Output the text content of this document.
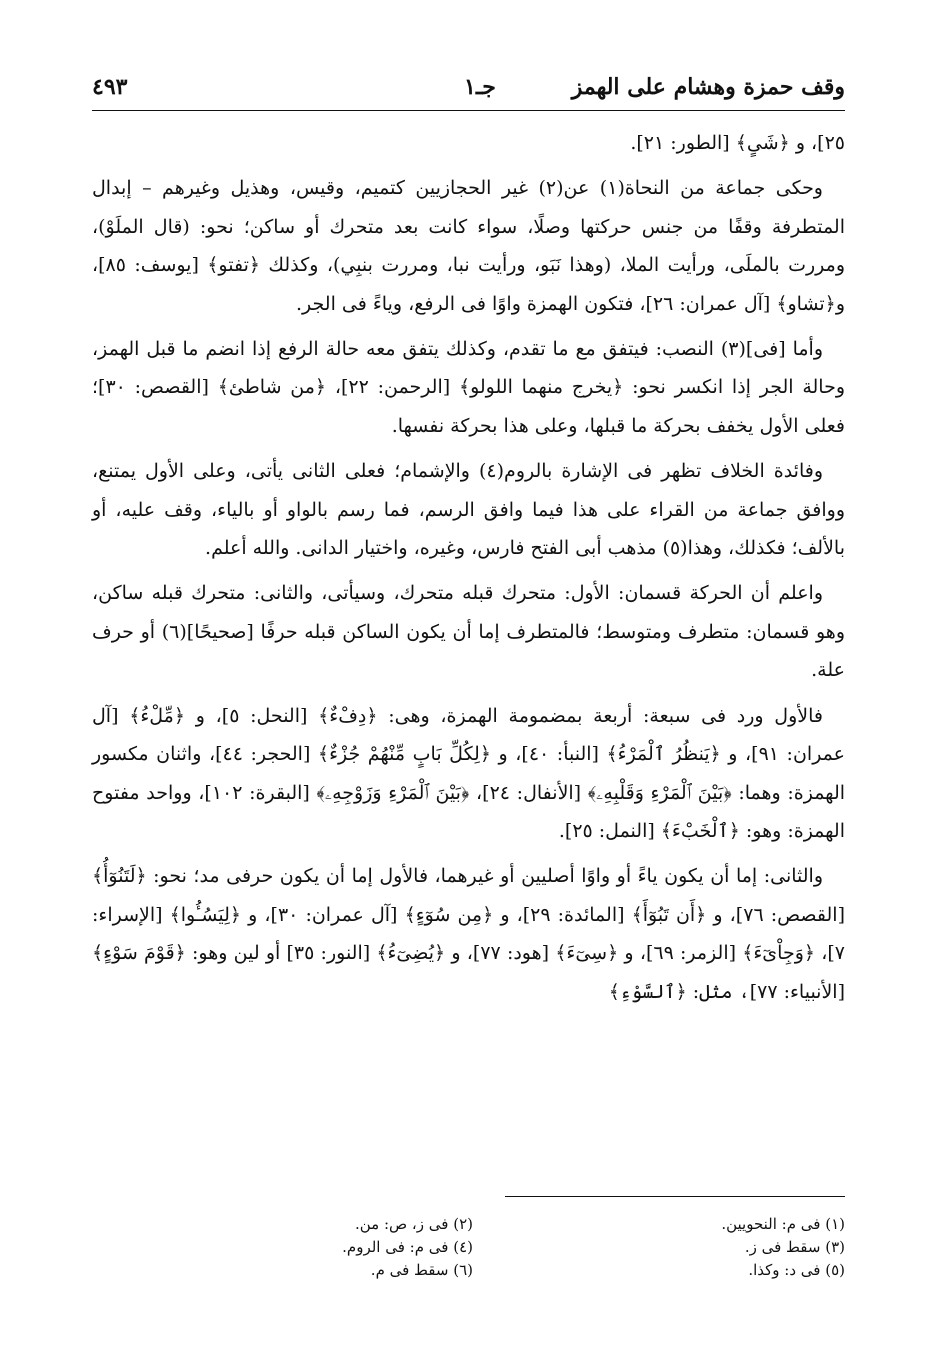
وقف حمزة وهشام على الهمز
جـ١
٤٩٣

٢٥]، و ﴿شَىٍ﴾ [الطور: ٢١].

وحكى جماعة من النحاة(١) عن(٢) غير الحجازيين كتميم، وقيس، وهذيل وغيرهم – إبدال المتطرفة وقفًا من جنس حركتها وصلًا، سواء كانت بعد متحرك أو ساكن؛ نحو: (قال الملَوْ)، ومررت بالملَى، ورأيت الملا، (وهذا نَبَو، ورأيت نبا، ومررت بنبِي)، وكذلك ﴿تفتو﴾ [يوسف: ٨٥]، و﴿تشاو﴾ [آل عمران: ٢٦]، فتكون الهمزة واوًا فى الرفع، وياءً فى الجر.

وأما [فى](٣) النصب: فيتفق مع ما تقدم، وكذلك يتفق معه حالة الرفع إذا انضم ما قبل الهمز، وحالة الجر إذا انكسر نحو: ﴿يخرج منهما اللولو﴾ [الرحمن: ٢٢]، ﴿من شاطئ﴾ [القصص: ٣٠]؛ فعلى الأول يخفف بحركة ما قبلها، وعلى هذا بحركة نفسها.

وفائدة الخلاف تظهر فى الإشارة بالروم(٤) والإشمام؛ فعلى الثانى يأتى، وعلى الأول يمتنع، ووافق جماعة من القراء على هذا فيما وافق الرسم، فما رسم بالواو أو بالياء، وقف عليه، أو بالألف؛ فكذلك، وهذا(٥) مذهب أبى الفتح فارس، وغيره، واختيار الدانى. والله أعلم.

واعلم أن الحركة قسمان: الأول: متحرك قبله متحرك، وسيأتى، والثانى: متحرك قبله ساكن، وهو قسمان: متطرف ومتوسط؛ فالمتطرف إما أن يكون الساكن قبله حرفًا [صحيحًا](٦) أو حرف علة.

فالأول ورد فى سبعة: أربعة بمضمومة الهمزة، وهى: ﴿دِفْءٌ﴾ [النحل: ٥]، و ﴿مِّلْءُ﴾ [آل عمران: ٩١]، و ﴿يَنظُرُ ٱلْمَرْءُ﴾ [النبأ: ٤٠]، و ﴿لِكُلِّ بَابٍ مِّنْهُمْ جُزْءٌ﴾ [الحجر: ٤٤]، واثنان مكسور الهمزة: وهما: ﴿بَيْنَ ٱلْمَرْءِ وَقَلْبِهِۦ﴾ [الأنفال: ٢٤]، ﴿بَيْنَ ٱلْمَرْءِ وَزَوْجِهِۦ﴾ [البقرة: ١٠٢]، وواحد مفتوح الهمزة: وهو: ﴿ٱلْخَبْءَ﴾ [النمل: ٢٥].

والثانى: إما أن يكون ياءً أو واوًا أصليين أو غيرهما، فالأول إما أن يكون حرفى مد؛ نحو: ﴿لَتَنُوٓأُ﴾ [القصص: ٧٦]، و ﴿أَن تَبُوٓأَ﴾ [المائدة: ٢٩]، و ﴿مِن سُوٓءٍ﴾ [آل عمران: ٣٠]، و ﴿لِيَسُـُٔوا﴾ [الإسراء: ٧]، ﴿وَجِاْىٓءَ﴾ [الزمر: ٦٩]، و ﴿سِىٓءَ﴾ [هود: ٧٧]، و ﴿يُضِىٓءُ﴾ [النور: ٣٥] أو لين وهو: ﴿قَوْمَ سَوْءٍ﴾ [الأنبياء: ٧٧]، مثل: ﴿ٱلسَّوْءِ﴾

(١) فى م: النحويين.
(٣) سقط فى ز.
(٥) فى د: وكذا.
(٢) فى ز، ص: من.
(٤) فى م: فى الروم.
(٦) سقط فى م.
